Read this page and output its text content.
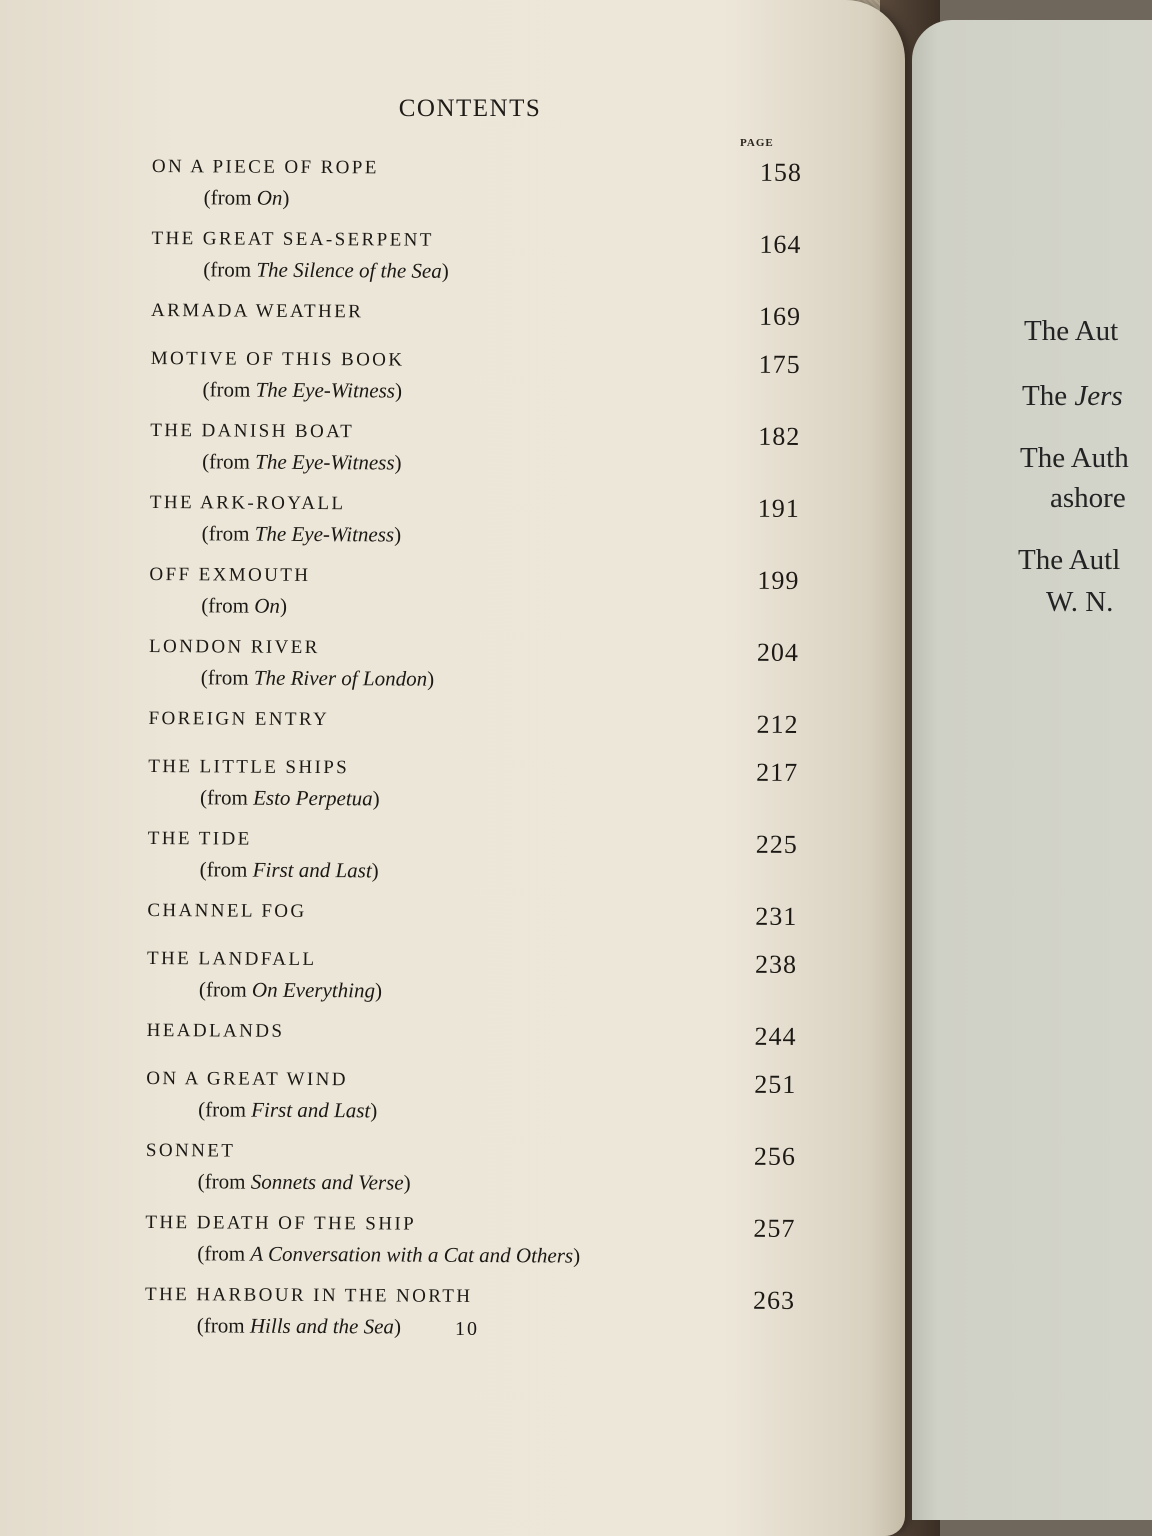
CONTENTS
PAGE
ON A PIECE OF ROPE	158
(from On)
THE GREAT SEA-SERPENT	164
(from The Silence of the Sea)
ARMADA WEATHER	169
MOTIVE OF THIS BOOK	175
(from The Eye-Witness)
THE DANISH BOAT	182
(from The Eye-Witness)
THE ARK-ROYALL	191
(from The Eye-Witness)
OFF EXMOUTH	199
(from On)
LONDON RIVER	204
(from The River of London)
FOREIGN ENTRY	212
THE LITTLE SHIPS	217
(from Esto Perpetua)
THE TIDE	225
(from First and Last)
CHANNEL FOG	231
THE LANDFALL	238
(from On Everything)
HEADLANDS	244
ON A GREAT WIND	251
(from First and Last)
SONNET	256
(from Sonnets and Verse)
THE DEATH OF THE SHIP	257
(from A Conversation with a Cat and Others)
THE HARBOUR IN THE NORTH	263
(from Hills and the Sea)	10
The Aut
The Jers
The Auth
ashore
The Autl
W. N.
